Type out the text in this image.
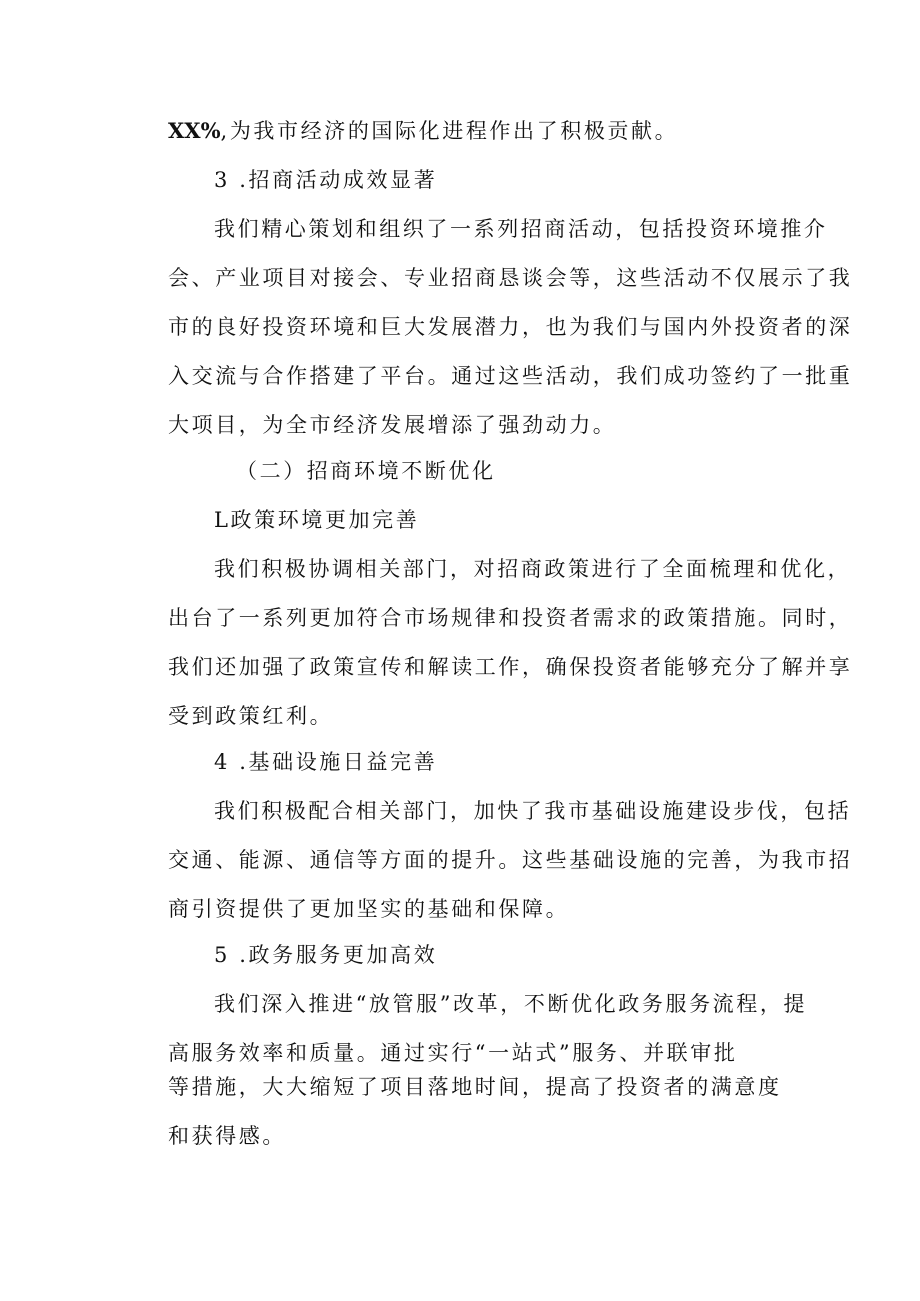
XX%,为我市经济的国际化进程作出了积极贡献。
3 .招商活动成效显著
我们精心策划和组织了一系列招商活动，包括投资环境推介
会、产业项目对接会、专业招商恳谈会等，这些活动不仅展示了我
市的良好投资环境和巨大发展潜力，也为我们与国内外投资者的深
入交流与合作搭建了平台。通过这些活动，我们成功签约了一批重
大项目，为全市经济发展增添了强劲动力。
（二）招商环境不断优化
L政策环境更加完善
我们积极协调相关部门，对招商政策进行了全面梳理和优化，
出台了一系列更加符合市场规律和投资者需求的政策措施。同时，
我们还加强了政策宣传和解读工作，确保投资者能够充分了解并享
受到政策红利。
4 .基础设施日益完善
我们积极配合相关部门，加快了我市基础设施建设步伐，包括
交通、能源、通信等方面的提升。这些基础设施的完善，为我市招
商引资提供了更加坚实的基础和保障。
5 .政务服务更加高效
我们深入推进“放管服”改革，不断优化政务服务流程，提
高服务效率和质量。通过实行“一站式”服务、并联审批
等措施，大大缩短了项目落地时间，提高了投资者的满意度
和获得感。
